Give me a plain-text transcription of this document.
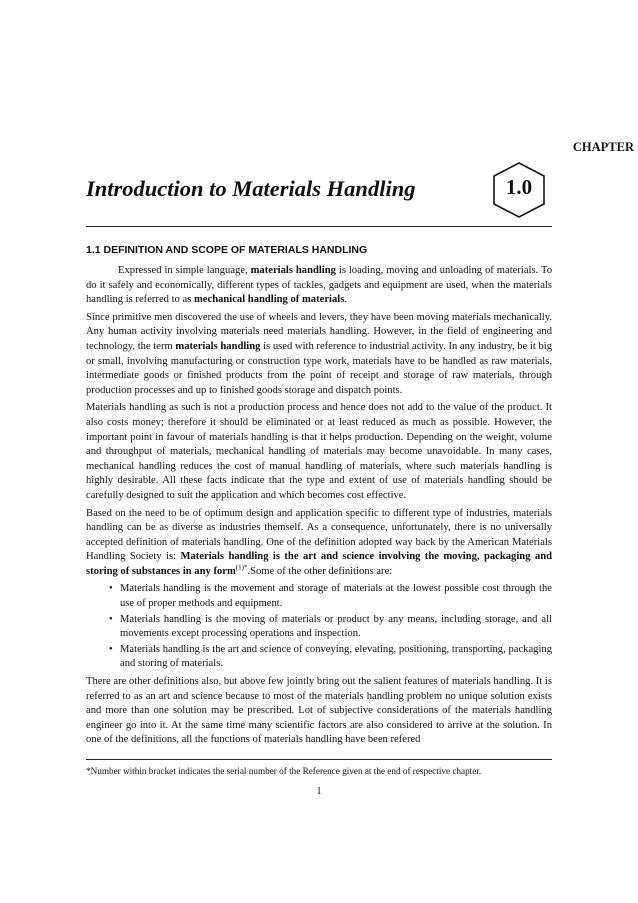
CHAPTER
Introduction to Materials Handling	1.0
1.1 DEFINITION AND SCOPE OF MATERIALS HANDLING

Expressed in simple language, materials handling is loading, moving and unloading of materials. To do it safely and economically, different types of tackles, gadgets and equipment are used, when the materials handling is referred to as mechanical handling of materials.

Since primitive men discovered the use of wheels and levers, they have been moving materials mechanically. Any human activity involving materials need materials handling. However, in the field of engineering and technology, the term materials handling is used with reference to industrial activity. In any industry, be it big or small, involving manufacturing or construction type work, materials have to be handled as raw materials, intermediate goods or finished products from the point of receipt and storage of raw materials, through production processes and up to finished goods storage and dispatch points.

Materials handling as such is not a production process and hence does not add to the value of the product. It also costs money; therefore it should be eliminated or at least reduced as much as possible. However, the important point in favour of materials handling is that it helps production. Depending on the weight, volume and throughput of materials, mechanical handling of materials may become unavoidable. In many cases, mechanical handling reduces the cost of manual handling of materials, where such materials handling is highly desirable. All these facts indicate that the type and extent of use of materials handling should be carefully designed to suit the application and which becomes cost effective.

Based on the need to be of optimum design and application specific to different type of industries, materials handling can be as diverse as industries themself. As a consequence, unfortunately, there is no universally accepted definition of materials handling. One of the definition adopted way back by the American Materials Handling Society is: Materials handling is the art and science involving the moving, packaging and storing of substances in any form$^{(1)*}$.Some of the other definitions are:

• Materials handling is the movement and storage of materials at the lowest possible cost through the use of proper methods and equipment.
• Materials handling is the moving of materials or product by any means, including storage, and all movements except processing operations and inspection.
• Materials handling is the art and science of conveying, elevating, positioning, transporting, packaging and storing of materials.

There are other definitions also, but above few jointly bring out the salient features of materials handling. It is referred to as an art and science because to most of the materials handling problem no unique solution exists and more than one solution may be prescribed. Lot of subjective considerations of the materials handling engineer go into it. At the same time many scientific factors are also considered to arrive at the solution. In one of the definitions, all the functions of materials handling have been refered

*Number within bracket indicates the serial number of the Reference given at the end of respective chapter.
1
